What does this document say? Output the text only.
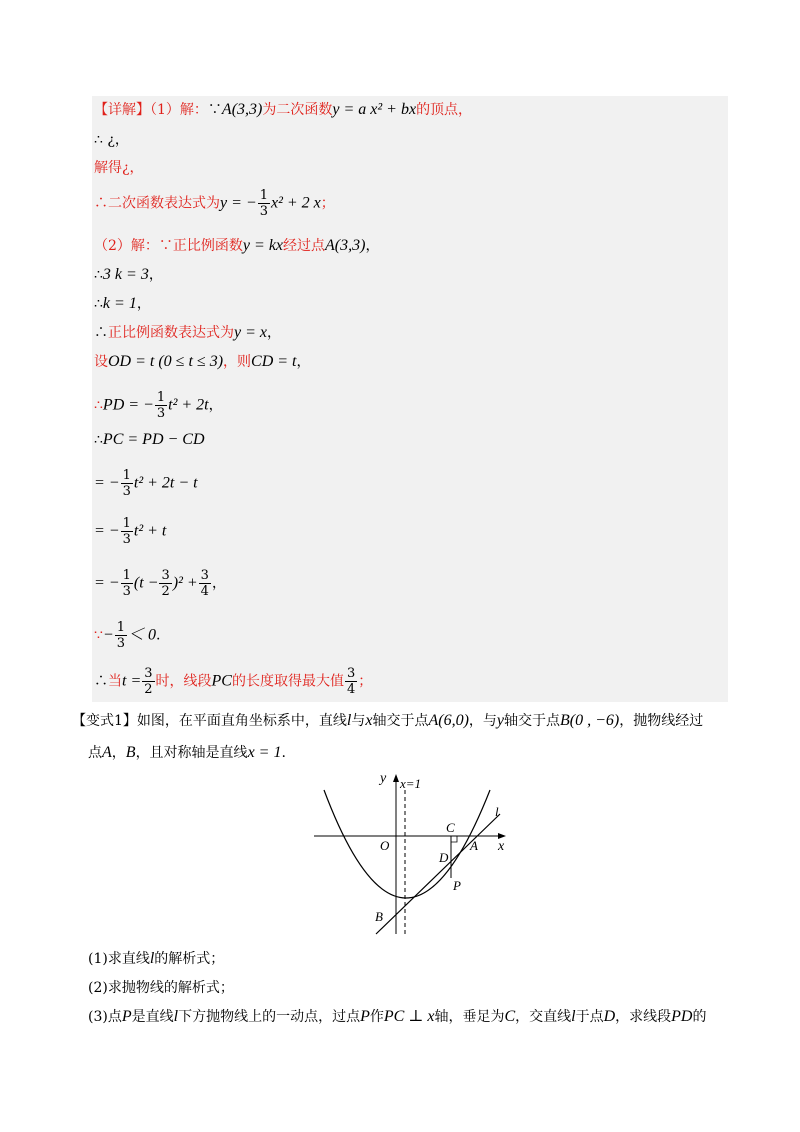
【详解】（1）解：∵A(3,3)为二次函数y = a x² + bx的顶点，
∴ ¿，
解得¿，
∴二次函数表达式为y = − $\frac{1}{3} x^2 + 2$ x；
（2）解：∵正比例函数y = kx经过点A(3,3)，
∴3 k = 3，
∴k = 1，
∴正比例函数表达式为y = x，
设OD = t (0 ≤ t ≤ 3)，则CD = t，
∴PD = − $\frac{1}{3} t^2 + 2t$，
∴PC = PD − CD
= − $\frac{1}{3} t^2 + 2t - t$
= − $\frac{1}{3} t^2 + t$
= − $\frac{1}{3} (t - \frac{3}{2} )^2 + \frac{3}{4}$ ，
∵− $\frac{1}{3} < 0$.
∴当$t = \frac{3}{2}$ 时，线段PC的长度取得最大值 $\frac{3}{4}$ ；
【变式1】如图，在平面直角坐标系中，直线l与x轴交于点A(6,0)，与y轴交于点B(0 , −6)，抛物线经过
点A，B，且对称轴是直线x = 1.
y x=1
O
C
A x
D
P
B
l
(1)求直线l的解析式；
(2)求抛物线的解析式；
(3)点P是直线l下方抛物线上的一动点，过点P作PC ⊥ x轴，垂足为C，交直线l于点D，求线段PD的
